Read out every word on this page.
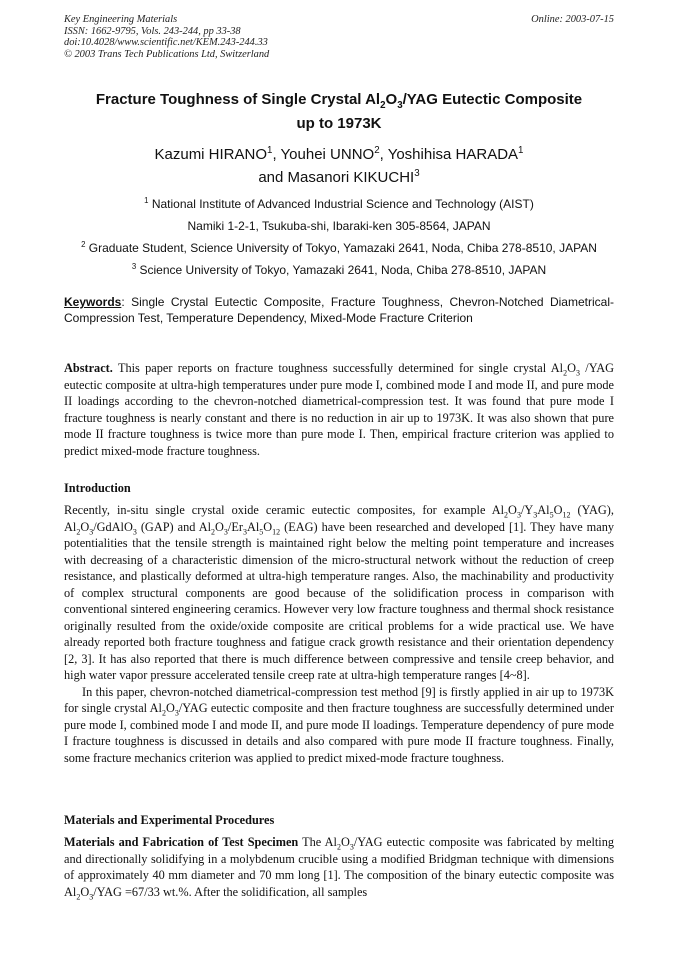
Key Engineering Materials
ISSN: 1662-9795, Vols. 243-244, pp 33-38
doi:10.4028/www.scientific.net/KEM.243-244.33
© 2003 Trans Tech Publications Ltd, Switzerland
Online: 2003-07-15
Fracture Toughness of Single Crystal $Al_2O_3$/YAG Eutectic Composite
up to 1973K
Kazumi HIRANO$^1$, Youhei UNNO$^2$, Yoshihisa HARADA$^1$
and Masanori KIKUCHI$^3$
$^1$ National Institute of Advanced Industrial Science and Technology (AIST)
Namiki 1-2-1, Tsukuba-shi, Ibaraki-ken 305-8564, JAPAN
$^2$ Graduate Student, Science University of Tokyo, Yamazaki 2641, Noda, Chiba 278-8510, JAPAN
$^3$ Science University of Tokyo, Yamazaki 2641, Noda, Chiba 278-8510, JAPAN
Keywords: Single Crystal Eutectic Composite, Fracture Toughness, Chevron-Notched Diametrical-Compression Test, Temperature Dependency, Mixed-Mode Fracture Criterion
Abstract. This paper reports on fracture toughness successfully determined for single crystal $Al_2O_3$ /YAG eutectic composite at ultra-high temperatures under pure mode I, combined mode I and mode II, and pure mode II loadings according to the chevron-notched diametrical-compression test. It was found that pure mode I fracture toughness is nearly constant and there is no reduction in air up to 1973K. It was also shown that pure mode II fracture toughness is twice more than pure mode I. Then, empirical fracture criterion was applied to predict mixed-mode fracture toughness.
Introduction

Recently, in-situ single crystal oxide ceramic eutectic composites, for example $Al_2O_3/Y_3Al_5O_{12}$ (YAG), $Al_2O_3/GdAlO_3$ (GAP) and $Al_2O_3/Er_3Al_5O_{12}$ (EAG) have been researched and developed [1]. They have many potentialities that the tensile strength is maintained right below the melting point temperature and increases with decreasing of a characteristic dimension of the micro-structural network without the reduction of creep resistance, and plastically deformed at ultra-high temperature ranges. Also, the machinability and productivity of complex structural components are good because of the solidification process in comparison with conventional sintered engineering ceramics. However very low fracture toughness and thermal shock resistance originally resulted from the oxide/oxide composite are critical problems for a wide practical use. We have already reported both fracture toughness and fatigue crack growth resistance and their orientation dependency [2, 3]. It has also reported that there is much difference between compressive and tensile creep behavior, and high water vapor pressure accelerated tensile creep rate at ultra-high temperature ranges [4~8].

In this paper, chevron-notched diametrical-compression test method [9] is firstly applied in air up to 1973K for single crystal $Al_2O_3$/YAG eutectic composite and then fracture toughness are successfully determined under pure mode I, combined mode I and mode II, and pure mode II loadings. Temperature dependency of pure mode I fracture toughness is discussed in details and also compared with pure mode II fracture toughness. Finally, some fracture mechanics criterion was applied to predict mixed-mode fracture toughness.

Materials and Experimental Procedures
Materials and Fabrication of Test Specimen The $Al_2O_3$/YAG eutectic composite was fabricated by melting and directionally solidifying in a molybdenum crucible using a modified Bridgman technique with dimensions of approximately 40 mm diameter and 70 mm long [1]. The composition of the binary eutectic composite was $Al_2O_3$/YAG =67/33 wt.%. After the solidification, all samples
